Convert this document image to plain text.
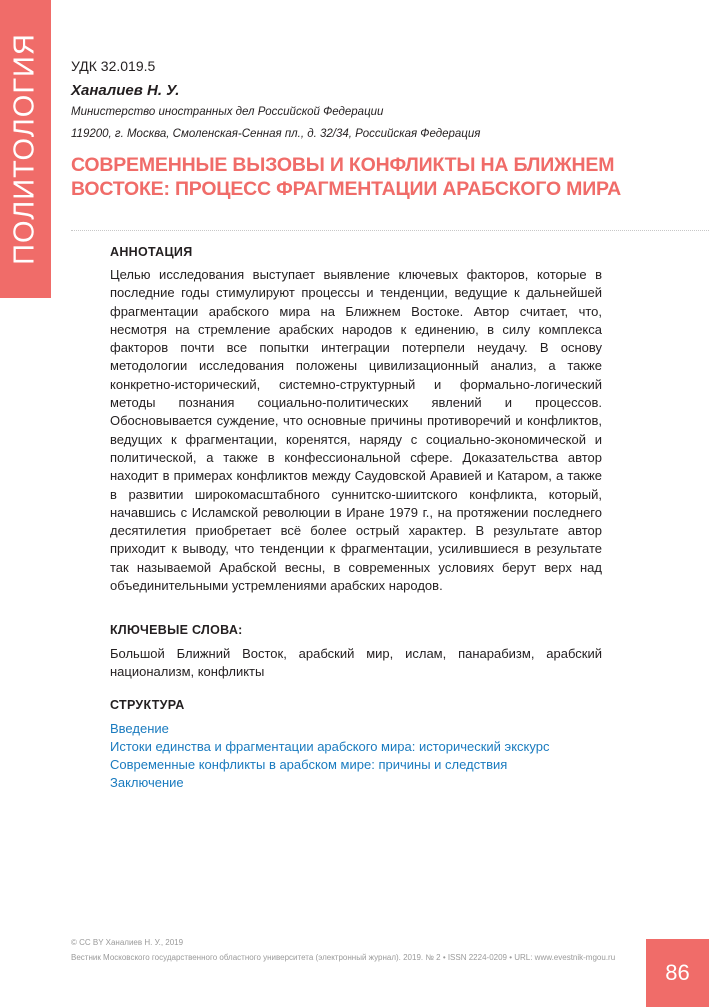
ПОЛИТОЛОГИЯ УДК 32.019.5
Ханалиев Н. У.
Министерство иностранных дел Российской Федерации
119200, г. Москва, Смоленская-Сенная пл., д. 32/34, Российская Федерация
СОВРЕМЕННЫЕ ВЫЗОВЫ И КОНФЛИКТЫ НА БЛИЖНЕМ
ВОСТОКЕ: ПРОЦЕСС ФРАГМЕНТАЦИИ АРАБСКОГО МИРА
АННОТАЦИЯ
Целью исследования выступает выявление ключевых факторов, которые в последние годы стимулируют процессы и тенденции, ведущие к дальнейшей фрагментации арабского мира на Ближнем Востоке. Автор считает, что, несмотря на стремление арабских народов к единению, в силу комплекса факторов почти все попытки интеграции потерпели неудачу. В основу методологии исследования положены цивилизационный анализ, а также конкретно-исторический, системно-структурный и формально-логический методы познания социально-политических явлений и процессов. Обосновывается суждение, что основные причины противоречий и конфликтов, ведущих к фрагментации, коренятся, наряду с социально-экономической и политической, а также в конфессиональной сфере. Доказательства автор находит в примерах конфликтов между Саудовской Аравией и Катаром, а также в развитии широкомасштабного суннитско-шиитского конфликта, который, начавшись с Исламской революции в Иране 1979 г., на протяжении последнего десятилетия приобретает всё более острый характер. В результате автор приходит к выводу, что тенденции к фрагментации, усилившиеся в результате так называемой Арабской весны, в современных условиях берут верх над объединительными устремлениями арабских народов.
КЛЮЧЕВЫЕ СЛОВА:
Большой Ближний Восток, арабский мир, ислам, панарабизм, арабский национализм, конфликты
СТРУКТУРА
Введение
Истоки единства и фрагментации арабского мира: исторический экскурс
Современные конфликты в арабском мире: причины и следствия
Заключение
© CC BY Ханалиев Н. У., 2019
Вестник Московского государственного областного университета (электронный журнал). 2019. № 2 • ISSN 2224-0209 • URL: www.evestnik-mgou.ru
86
